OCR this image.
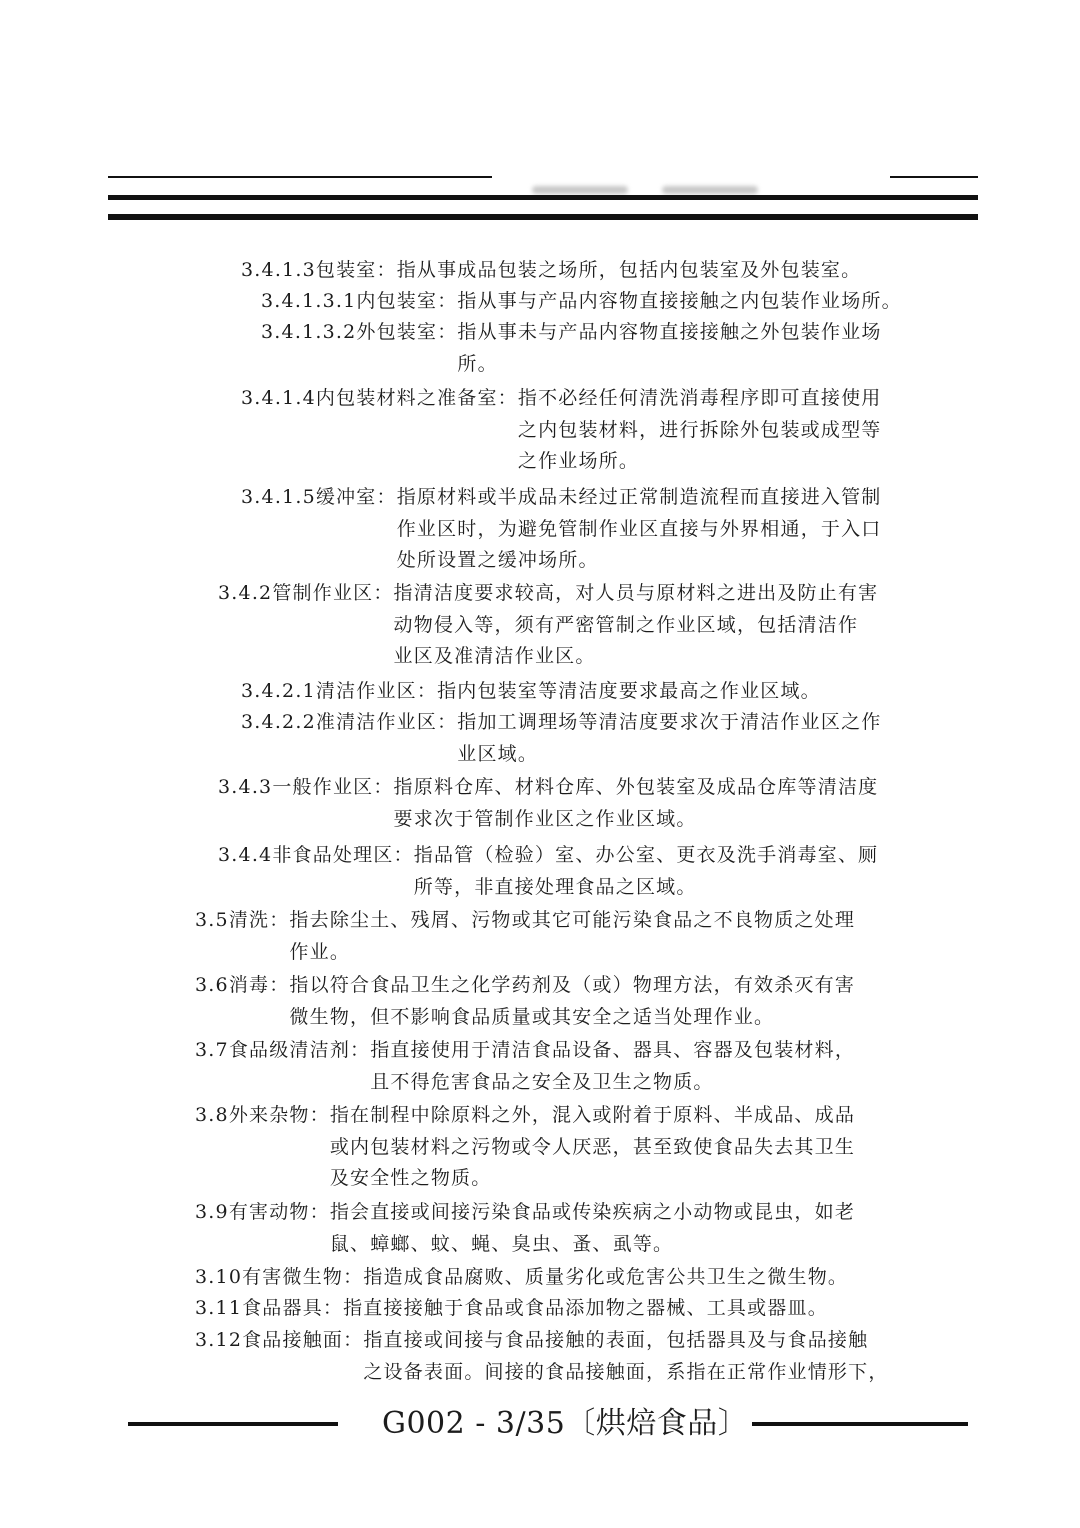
3.4.1.3包装室： 指从事成品包装之场所，包括内包装室及外包装室。
3.4.1.3.1内包装室： 指从事与产品内容物直接接触之内包装作业场所。
3.4.1.3.2外包装室： 指从事未与产品内容物直接接触之外包装作业场
所。
3.4.1.4内包装材料之准备室： 指不必经任何清洗消毒程序即可直接使用
之内包装材料，进行拆除外包装或成型等
之作业场所。
3.4.1.5缓冲室： 指原材料或半成品未经过正常制造流程而直接进入管制
作业区时，为避免管制作业区直接与外界相通，于入口
处所设置之缓冲场所。
3.4.2管制作业区： 指清洁度要求较高，对人员与原材料之进出及防止有害
动物侵入等，须有严密管制之作业区域，包括清洁作
业区及准清洁作业区。
3.4.2.1清洁作业区： 指内包装室等清洁度要求最高之作业区域。
3.4.2.2准清洁作业区： 指加工调理场等清洁度要求次于清洁作业区之作
业区域。
3.4.3一般作业区： 指原料仓库、材料仓库、外包装室及成品仓库等清洁度
要求次于管制作业区之作业区域。
3.4.4非食品处理区： 指品管（检验）室、办公室、更衣及洗手消毒室、厕
所等，非直接处理食品之区域。
3.5清洗： 指去除尘土、残屑、污物或其它可能污染食品之不良物质之处理
作业。
3.6消毒： 指以符合食品卫生之化学药剂及（或）物理方法，有效杀灭有害
微生物，但不影响食品质量或其安全之适当处理作业。
3.7食品级清洁剂： 指直接使用于清洁食品设备、器具、容器及包装材料，
且不得危害食品之安全及卫生之物质。
3.8外来杂物： 指在制程中除原料之外，混入或附着于原料、半成品、成品
或内包装材料之污物或令人厌恶，甚至致使食品失去其卫生
及安全性之物质。
3.9有害动物： 指会直接或间接污染食品或传染疾病之小动物或昆虫，如老
鼠、蟑螂、蚊、蝇、臭虫、蚤、虱等。
3.10有害微生物： 指造成食品腐败、质量劣化或危害公共卫生之微生物。
3.11食品器具： 指直接接触于食品或食品添加物之器械、工具或器皿。
3.12食品接触面： 指直接或间接与食品接触的表面，包括器具及与食品接触
之设备表面。间接的食品接触面，系指在正常作业情形下，
G002 - 3/35〔烘焙食品〕
